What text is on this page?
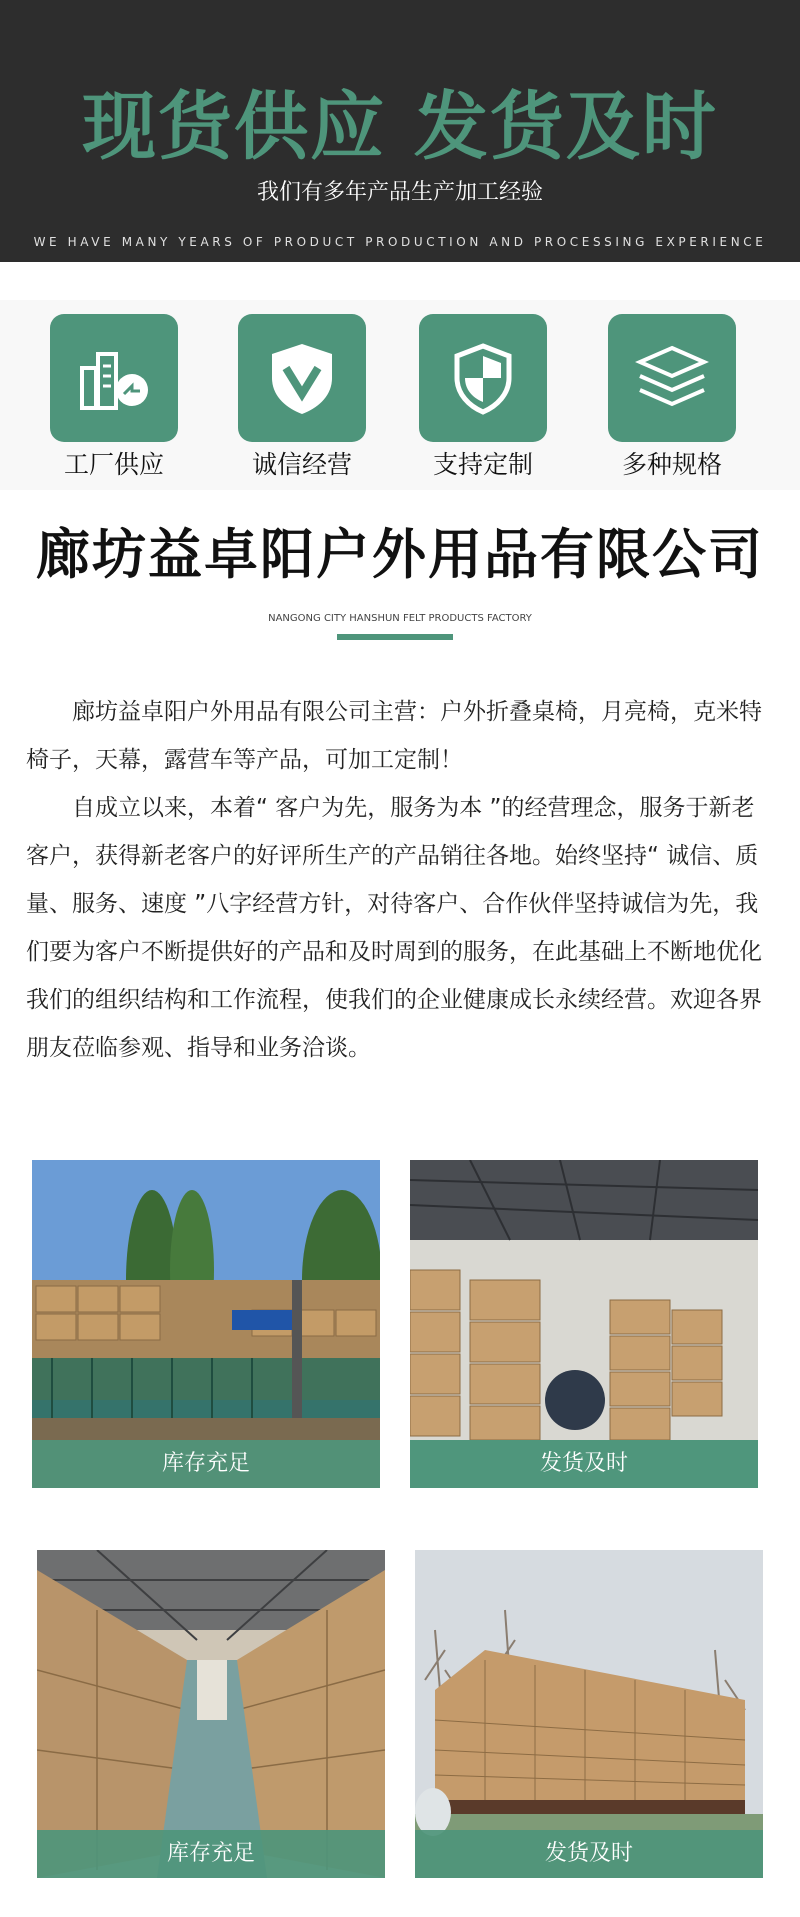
现货供应 发货及时
我们有多年产品生产加工经验
WE HAVE MANY YEARS OF PRODUCT PRODUCTION AND PROCESSING EXPERIENCE
工厂供应	诚信经营	支持定制	多种规格
廊坊益卓阳户外用品有限公司
NANGONG CITY HANSHUN FELT PRODUCTS FACTORY

廊坊益卓阳户外用品有限公司主营：户外折叠桌椅，月亮椅，克米特椅子，天幕，露营车等产品，可加工定制！

自成立以来，本着“ 客户为先，服务为本 ”的经营理念，服务于新老客户，获得新老客户的好评所生产的产品销往各地。始终坚持“ 诚信、质量、服务、速度 ”八字经营方针，对待客户、合作伙伴坚持诚信为先，我们要为客户不断提供好的产品和及时周到的服务，在此基础上不断地优化我们的组织结构和工作流程，使我们的企业健康成长永续经营。欢迎各界朋友莅临参观、指导和业务洽谈。

库存充足	发货及时
库存充足	发货及时
